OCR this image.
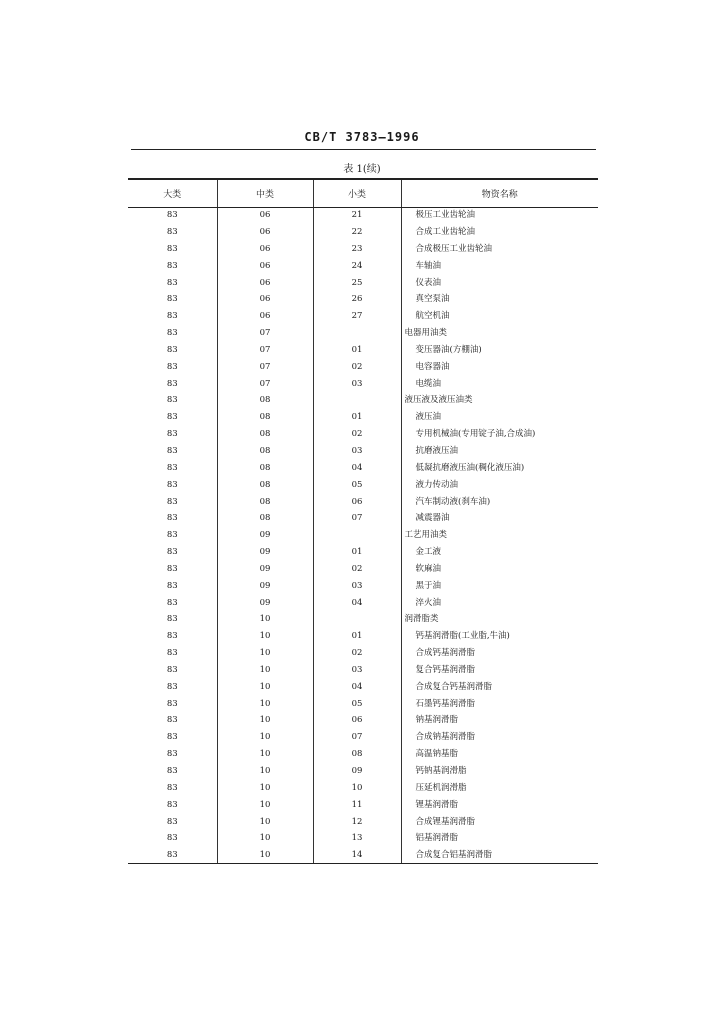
CB/T 3783—1996
表 1(续)
大类	中类	小类	物资名称
83	06	21	极压工业齿轮油
83	06	22	合成工业齿轮油
83	06	23	合成极压工业齿轮油
83	06	24	车轴油
83	06	25	仪表油
83	06	26	真空泵油
83	06	27	航空机油
83	07		电器用油类
83	07	01	变压器油(方棚油)
83	07	02	电容器油
83	07	03	电缆油
83	08		液压液及液压油类
83	08	01	液压油
83	08	02	专用机械油(专用锭子油,合成油)
83	08	03	抗磨液压油
83	08	04	低凝抗磨液压油(稠化液压油)
83	08	05	液力传动油
83	08	06	汽车制动液(刹车油)
83	08	07	减震器油
83	09		工艺用油类
83	09	01	金工液
83	09	02	软麻油
83	09	03	黑于油
83	09	04	淬火油
83	10		润滑脂类
83	10	01	钙基润滑脂(工业脂,牛油)
83	10	02	合成钙基润滑脂
83	10	03	复合钙基润滑脂
83	10	04	合成复合钙基润滑脂
83	10	05	石墨钙基润滑脂
83	10	06	钠基润滑脂
83	10	07	合成钠基润滑脂
83	10	08	高温钠基脂
83	10	09	钙钠基润滑脂
83	10	10	压延机润滑脂
83	10	11	锂基润滑脂
83	10	12	合成锂基润滑脂
83	10	13	铝基润滑脂
83	10	14	合成复合铝基润滑脂
